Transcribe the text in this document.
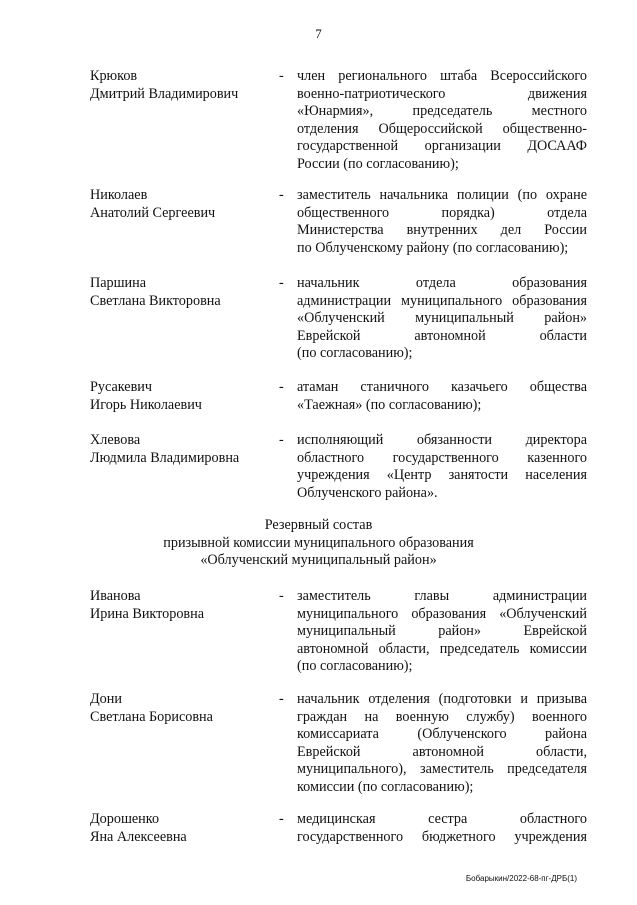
7
Крюков
Дмитрий Владимирович
- член регионального штаба Всероссийского
военно-патриотического движения
«Юнармия», председатель местного
отделения Общероссийской общественно-
государственной организации ДОСААФ
России (по согласованию);
Николаев
Анатолий Сергеевич
- заместитель начальника полиции (по охране
общественного порядка) отдела
Министерства внутренних дел России
по Облученскому району (по согласованию);
Паршина
Светлана Викторовна
- начальник отдела образования
администрации муниципального образования
«Облученский муниципальный район»
Еврейской автономной области
(по согласованию);
Русакевич
Игорь Николаевич
- атаман станичного казачьего общества
«Таежная» (по согласованию);
Хлевова
Людмила Владимировна
- исполняющий обязанности директора
областного государственного казенного
учреждения «Центр занятости населения
Облученского района».
Резервный состав
призывной комиссии муниципального образования
«Облученский муниципальный район»
Иванова
Ирина Викторовна
- заместитель главы администрации
муниципального образования «Облученский
муниципальный район» Еврейской
автономной области, председатель комиссии
(по согласованию);
Дони
Светлана Борисовна
- начальник отделения (подготовки и призыва
граждан на военную службу) военного
комиссариата (Облученского района
Еврейской автономной области,
муниципального), заместитель председателя
комиссии (по согласованию);
Дорошенко
Яна Алексеевна
- медицинская сестра областного
государственного бюджетного учреждения
Бобарыкин/2022-68-пг-ДРБ(1)
